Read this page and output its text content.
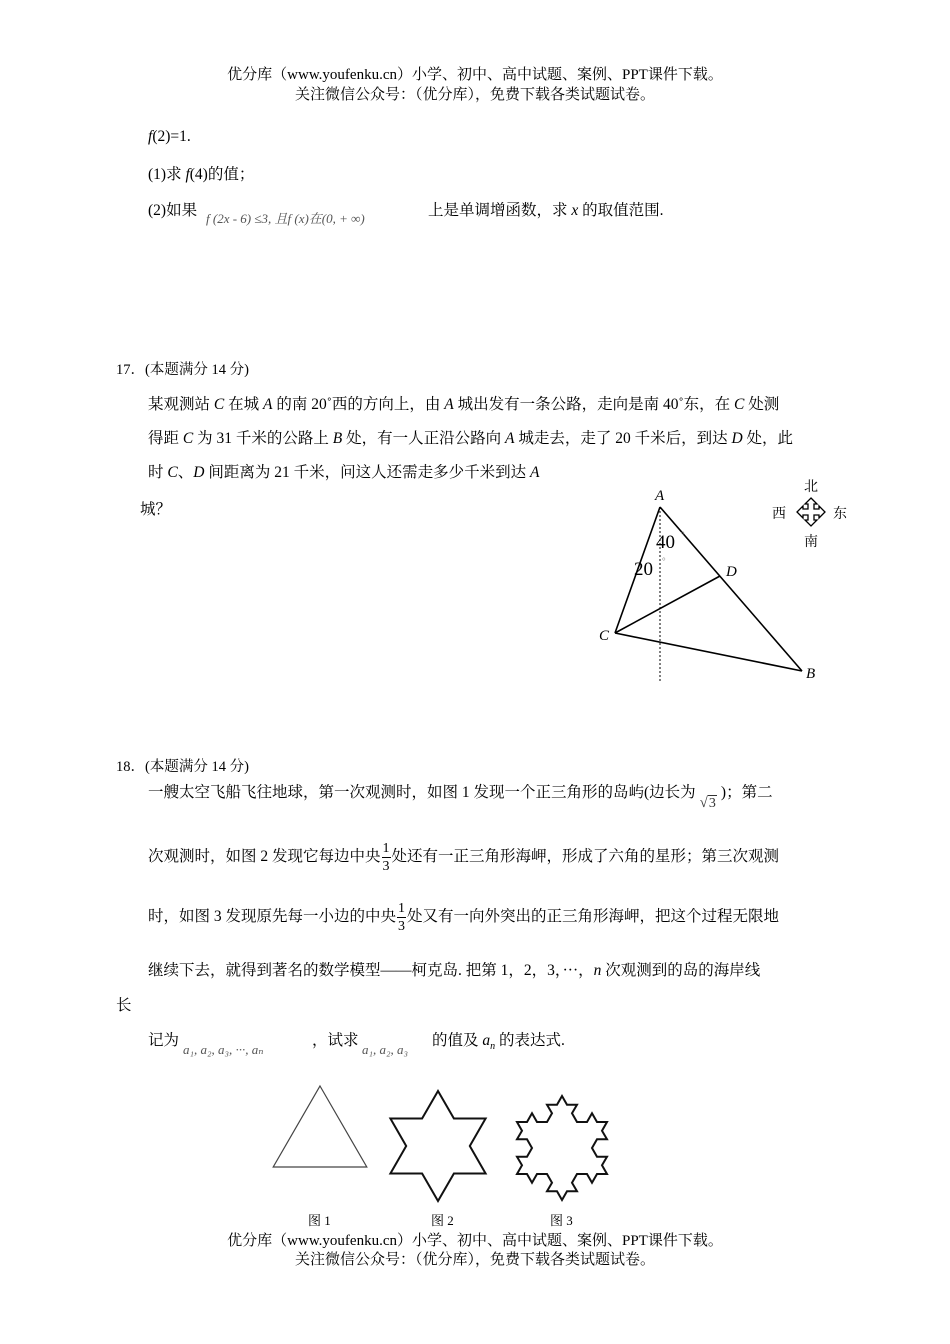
优分库（www.youfenku.cn）小学、初中、高中试题、案例、PPT课件下载。
关注微信公众号：（优分库），免费下载各类试题试卷。
f(2)=1.
(1)求 f(4)的值；
(2)如果 f (2x - 6) ≤3, 且f (x)在(0, + ∞)	上是单调增函数，求 x 的取值范围.
17．(本题满分 14 分)
某观测站 C 在城 A 的南 20˚西的方向上，由 A 城出发有一条公路，走向是南 40˚东，在 C 处测
得距 C 为 31 千米的公路上 B 处，有一人正沿公路向 A 城走去，走了 20 千米后，到达 D 处，此
时 C、D 间距离为 21 千米，问这人还需走多少千米到达 A
城？
A
B
C
D
40 °
20 °
北
南
西	东
18．(本题满分 14 分)
一艘太空飞船飞往地球，第一次观测时，如图 1 发现一个正三角形的岛屿(边长为√3)；第二
次观测时，如图 2 发现它每边中央 $\frac{1}{3}$ 处还有一正三角形海岬，形成了六角的星形；第三次观测
时，如图 3 发现原先每一小边的中央 $\frac{1}{3}$ 处又有一向外突出的正三角形海岬，把这个过程无限地
继续下去，就得到著名的数学模型——柯克岛. 把第 1，2，3，···，n 次观测到的岛的海岸线
长
记为
a₁, a₂, a₃, ···, aₙ
，试求
a₁, a₂, a₃
的值及 $a_n$ 的表达式.
图 1	图 2	图 3
优分库（www.youfenku.cn）小学、初中、高中试题、案例、PPT课件下载。
关注微信公众号：（优分库），免费下载各类试题试卷。
